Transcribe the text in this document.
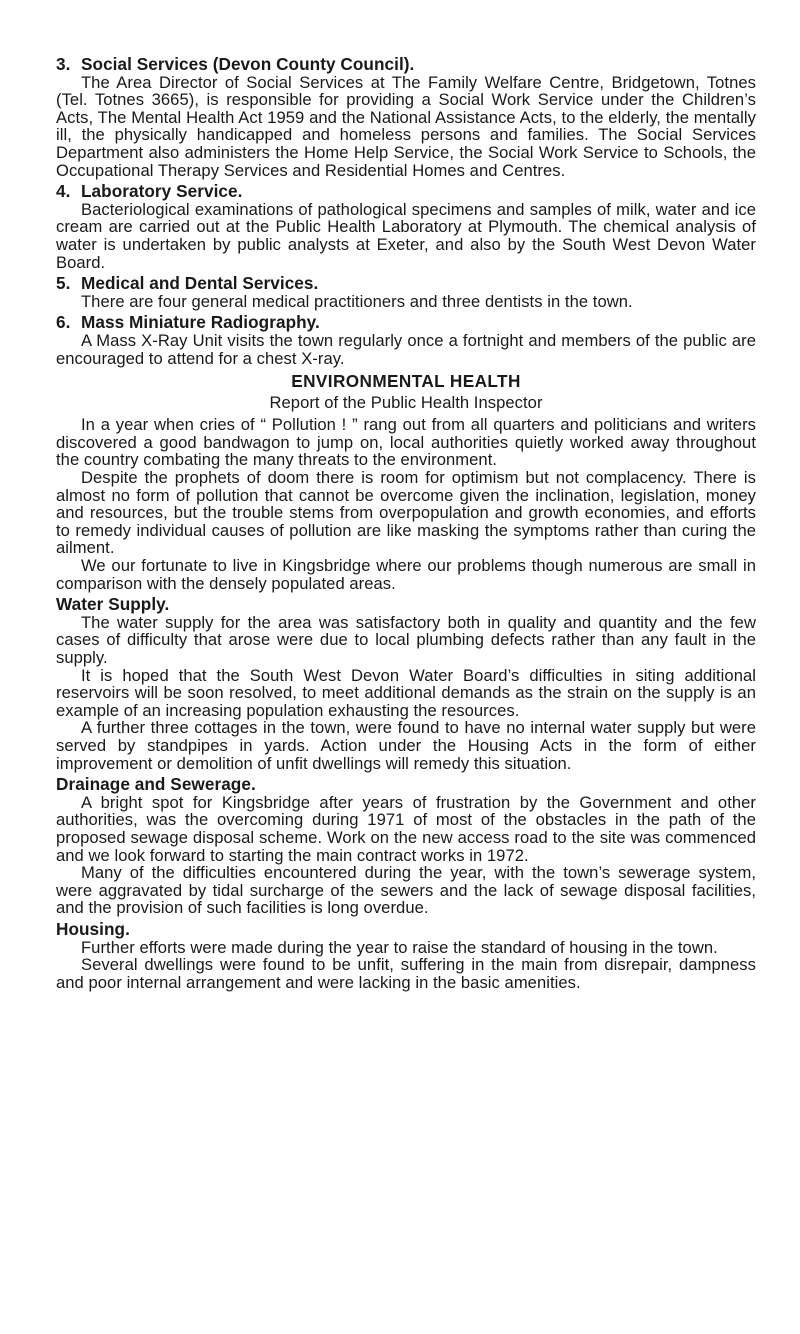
3. Social Services (Devon County Council).

The Area Director of Social Services at The Family Welfare Centre, Bridgetown, Totnes (Tel. Totnes 3665), is responsible for providing a Social Work Service under the Children’s Acts, The Mental Health Act 1959 and the National Assistance Acts, to the elderly, the mentally ill, the physically handicapped and homeless persons and families. The Social Services Department also administers the Home Help Service, the Social Work Service to Schools, the Occupational Therapy Services and Residential Homes and Centres.

4. Laboratory Service.

Bacteriological examinations of pathological specimens and samples of milk, water and ice cream are carried out at the Public Health Laboratory at Plymouth. The chemical analysis of water is undertaken by public analysts at Exeter, and also by the South West Devon Water Board.

5. Medical and Dental Services.

There are four general medical practitioners and three dentists in the town.

6. Mass Miniature Radiography.

A Mass X-Ray Unit visits the town regularly once a fortnight and members of the public are encouraged to attend for a chest X-ray.

ENVIRONMENTAL HEALTH

Report of the Public Health Inspector

In a year when cries of “ Pollution ! ” rang out from all quarters and politicians and writers discovered a good bandwagon to jump on, local authorities quietly worked away throughout the country combating the many threats to the environment.

Despite the prophets of doom there is room for optimism but not complacency. There is almost no form of pollution that cannot be overcome given the inclination, legislation, money and resources, but the trouble stems from overpopulation and growth economies, and efforts to remedy individual causes of pollution are like masking the symptoms rather than curing the ailment.

We our fortunate to live in Kingsbridge where our problems though numerous are small in comparison with the densely populated areas.

Water Supply.

The water supply for the area was satisfactory both in quality and quantity and the few cases of difficulty that arose were due to local plumbing defects rather than any fault in the supply.

It is hoped that the South West Devon Water Board’s difficulties in siting additional reservoirs will be soon resolved, to meet additional demands as the strain on the supply is an example of an increasing population exhausting the resources.

A further three cottages in the town, were found to have no internal water supply but were served by standpipes in yards. Action under the Housing Acts in the form of either improvement or demolition of unfit dwellings will remedy this situation.

Drainage and Sewerage.

A bright spot for Kingsbridge after years of frustration by the Government and other authorities, was the overcoming during 1971 of most of the obstacles in the path of the proposed sewage disposal scheme. Work on the new access road to the site was commenced and we look forward to starting the main contract works in 1972.

Many of the difficulties encountered during the year, with the town’s sewerage system, were aggravated by tidal surcharge of the sewers and the lack of sewage disposal facilities, and the provision of such facilities is long overdue.

Housing.

Further efforts were made during the year to raise the standard of housing in the town.

Several dwellings were found to be unfit, suffering in the main from disrepair, dampness and poor internal arrangement and were lacking in the basic amenities.
